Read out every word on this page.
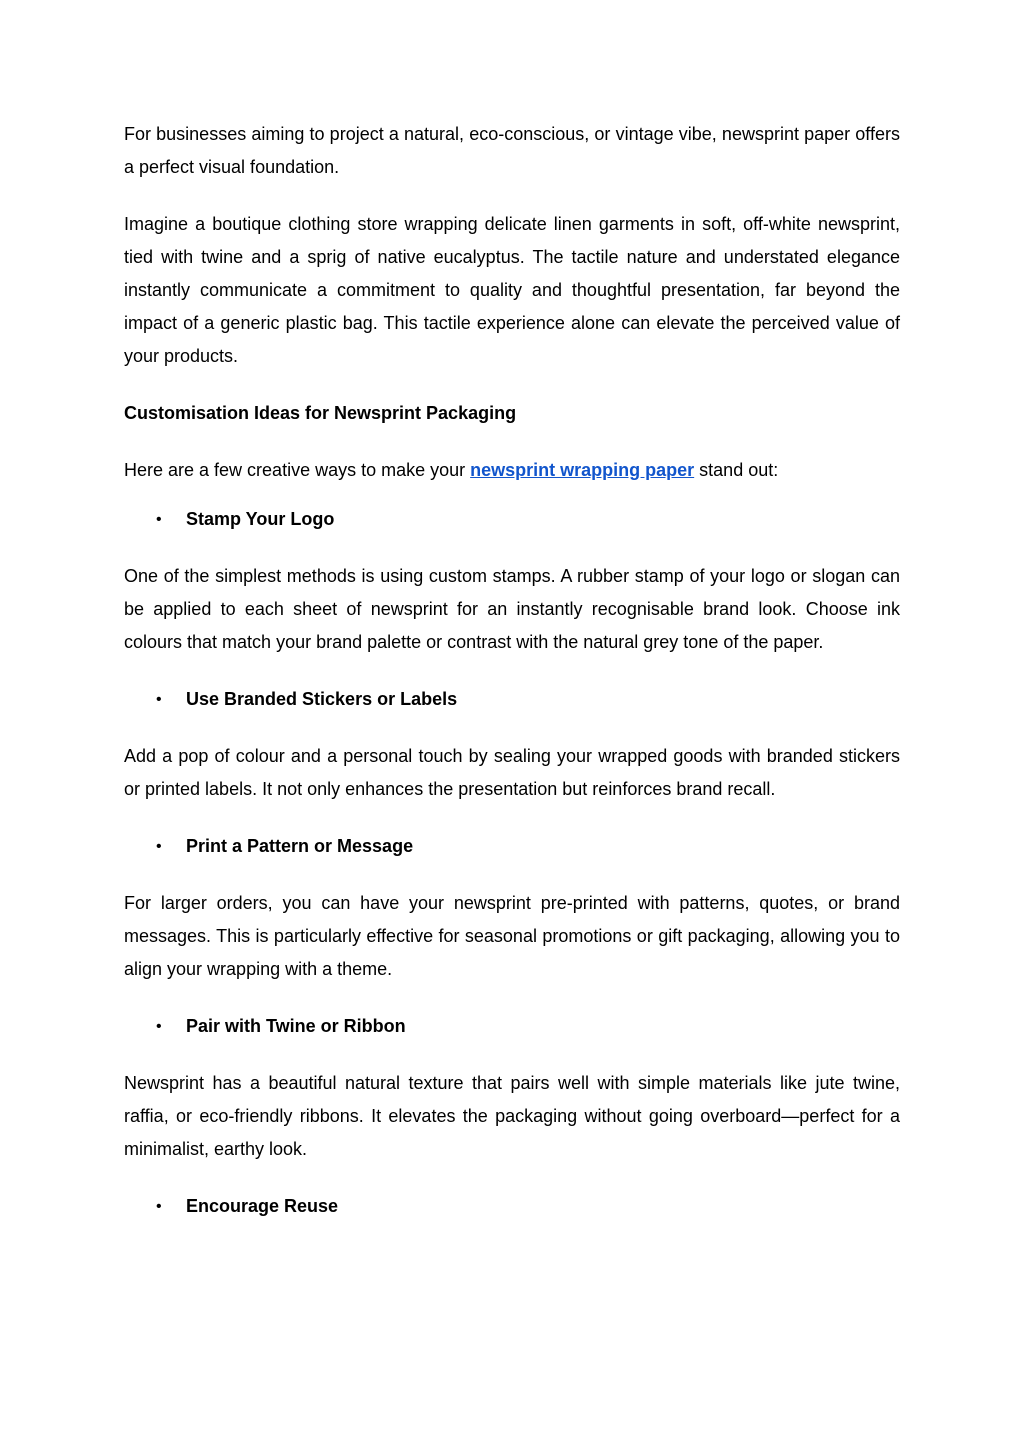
For businesses aiming to project a natural, eco-conscious, or vintage vibe, newsprint paper offers a perfect visual foundation.

Imagine a boutique clothing store wrapping delicate linen garments in soft, off-white newsprint, tied with twine and a sprig of native eucalyptus. The tactile nature and understated elegance instantly communicate a commitment to quality and thoughtful presentation, far beyond the impact of a generic plastic bag. This tactile experience alone can elevate the perceived value of your products.

Customisation Ideas for Newsprint Packaging

Here are a few creative ways to make your newsprint wrapping paper stand out:

•	Stamp Your Logo

One of the simplest methods is using custom stamps. A rubber stamp of your logo or slogan can be applied to each sheet of newsprint for an instantly recognisable brand look. Choose ink colours that match your brand palette or contrast with the natural grey tone of the paper.

•	Use Branded Stickers or Labels

Add a pop of colour and a personal touch by sealing your wrapped goods with branded stickers or printed labels. It not only enhances the presentation but reinforces brand recall.

•	Print a Pattern or Message

For larger orders, you can have your newsprint pre-printed with patterns, quotes, or brand messages. This is particularly effective for seasonal promotions or gift packaging, allowing you to align your wrapping with a theme.

•	Pair with Twine or Ribbon

Newsprint has a beautiful natural texture that pairs well with simple materials like jute twine, raffia, or eco-friendly ribbons. It elevates the packaging without going overboard—perfect for a minimalist, earthy look.

•	Encourage Reuse
